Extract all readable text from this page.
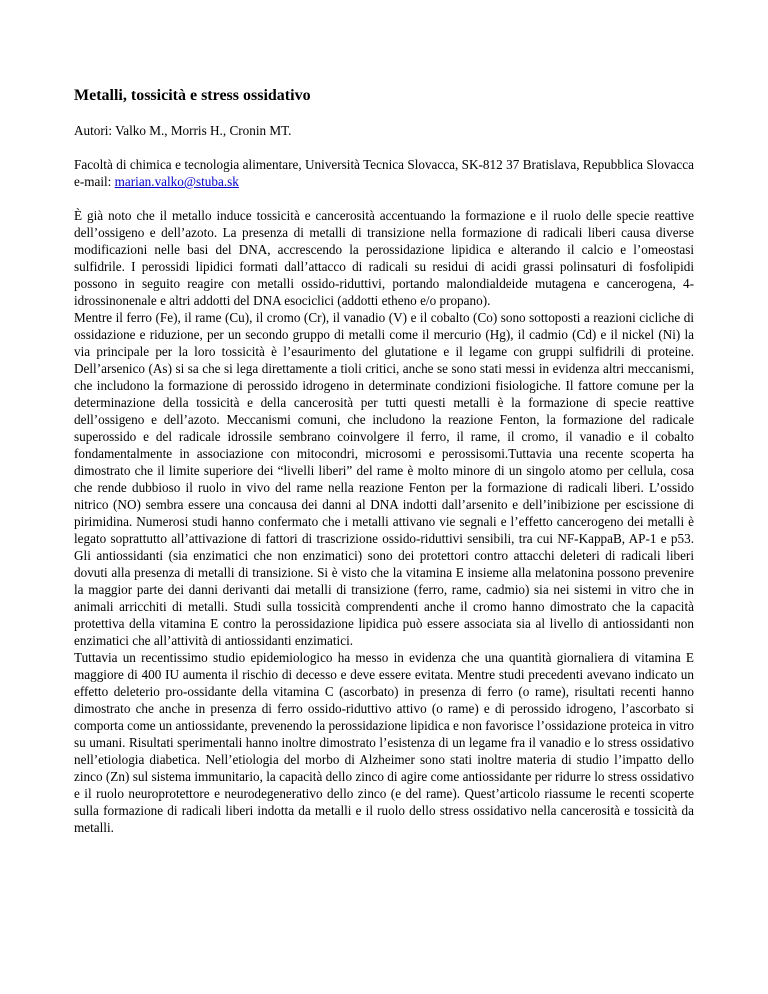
Metalli, tossicità e stress ossidativo
Autori: Valko M., Morris H., Cronin MT.
Facoltà di chimica e tecnologia alimentare, Università Tecnica Slovacca, SK-812 37 Bratislava, Repubblica Slovacca e-mail: marian.valko@stuba.sk

È già noto che il metallo induce tossicità e cancerosità accentuando la formazione e il ruolo delle specie reattive dell’ossigeno e dell’azoto. La presenza di metalli di transizione nella formazione di radicali liberi causa diverse modificazioni nelle basi del DNA, accrescendo la perossidazione lipidica e alterando il calcio e l’omeostasi sulfidrile. I perossidi lipidici formati dall’attacco di radicali su residui di acidi grassi polinsaturi di fosfolipidi possono in seguito reagire con metalli ossido-riduttivi, portando malondialdeide mutagena e cancerogena, 4-idrossinonenale e altri addotti del DNA esociclici (addotti etheno e/o propano).

Mentre il ferro (Fe), il rame (Cu), il cromo (Cr), il vanadio (V) e il cobalto (Co) sono sottoposti a reazioni cicliche di ossidazione e riduzione, per un secondo gruppo di metalli come il mercurio (Hg), il cadmio (Cd) e il nickel (Ni) la via principale per la loro tossicità è l’esaurimento del glutatione e il legame con gruppi sulfidrili di proteine. Dell’arsenico (As) si sa che si lega direttamente a tioli critici, anche se sono stati messi in evidenza altri meccanismi, che includono la formazione di perossido idrogeno in determinate condizioni fisiologiche. Il fattore comune per la determinazione della tossicità e della cancerosità per tutti questi metalli è la formazione di specie reattive dell’ossigeno e dell’azoto. Meccanismi comuni, che includono la reazione Fenton, la formazione del radicale superossido e del radicale idrossile sembrano coinvolgere il ferro, il rame, il cromo, il vanadio e il cobalto fondamentalmente in associazione con mitocondri, microsomi e perossisomi.Tuttavia una recente scoperta ha dimostrato che il limite superiore dei “livelli liberi” del rame è molto minore di un singolo atomo per cellula, cosa che rende dubbioso il ruolo in vivo del rame nella reazione Fenton per la formazione di radicali liberi. L’ossido nitrico (NO) sembra essere una concausa dei danni al DNA indotti dall’arsenito e dell’inibizione per escissione di pirimidina. Numerosi studi hanno confermato che i metalli attivano vie segnali e l’effetto cancerogeno dei metalli è legato soprattutto all’attivazione di fattori di trascrizione ossido-riduttivi sensibili, tra cui NF-KappaB, AP-1 e p53. Gli antiossidanti (sia enzimatici che non enzimatici) sono dei protettori contro attacchi deleteri di radicali liberi dovuti alla presenza di metalli di transizione. Si è visto che la vitamina E insieme alla melatonina possono prevenire la maggior parte dei danni derivanti dai metalli di transizione (ferro, rame, cadmio) sia nei sistemi in vitro che in animali arricchiti di metalli. Studi sulla tossicità comprendenti anche il cromo hanno dimostrato che la capacità protettiva della vitamina E contro la perossidazione lipidica può essere associata sia al livello di antiossidanti non enzimatici che all’attività di antiossidanti enzimatici.

Tuttavia un recentissimo studio epidemiologico ha messo in evidenza che una quantità giornaliera di vitamina E maggiore di 400 IU aumenta il rischio di decesso e deve essere evitata. Mentre studi precedenti avevano indicato un effetto deleterio pro-ossidante della vitamina C (ascorbato) in presenza di ferro (o rame), risultati recenti hanno dimostrato che anche in presenza di ferro ossido-riduttivo attivo (o rame) e di perossido idrogeno, l’ascorbato si comporta come un antiossidante, prevenendo la perossidazione lipidica e non favorisce l’ossidazione proteica in vitro su umani. Risultati sperimentali hanno inoltre dimostrato l’esistenza di un legame fra il vanadio e lo stress ossidativo nell’etiologia diabetica. Nell’etiologia del morbo di Alzheimer sono stati inoltre materia di studio l’impatto dello zinco (Zn) sul sistema immunitario, la capacità dello zinco di agire come antiossidante per ridurre lo stress ossidativo e il ruolo neuroprotettore e neurodegenerativo dello zinco (e del rame). Quest’articolo riassume le recenti scoperte sulla formazione di radicali liberi indotta da metalli e il ruolo dello stress ossidativo nella cancerosità e tossicità da metalli.
